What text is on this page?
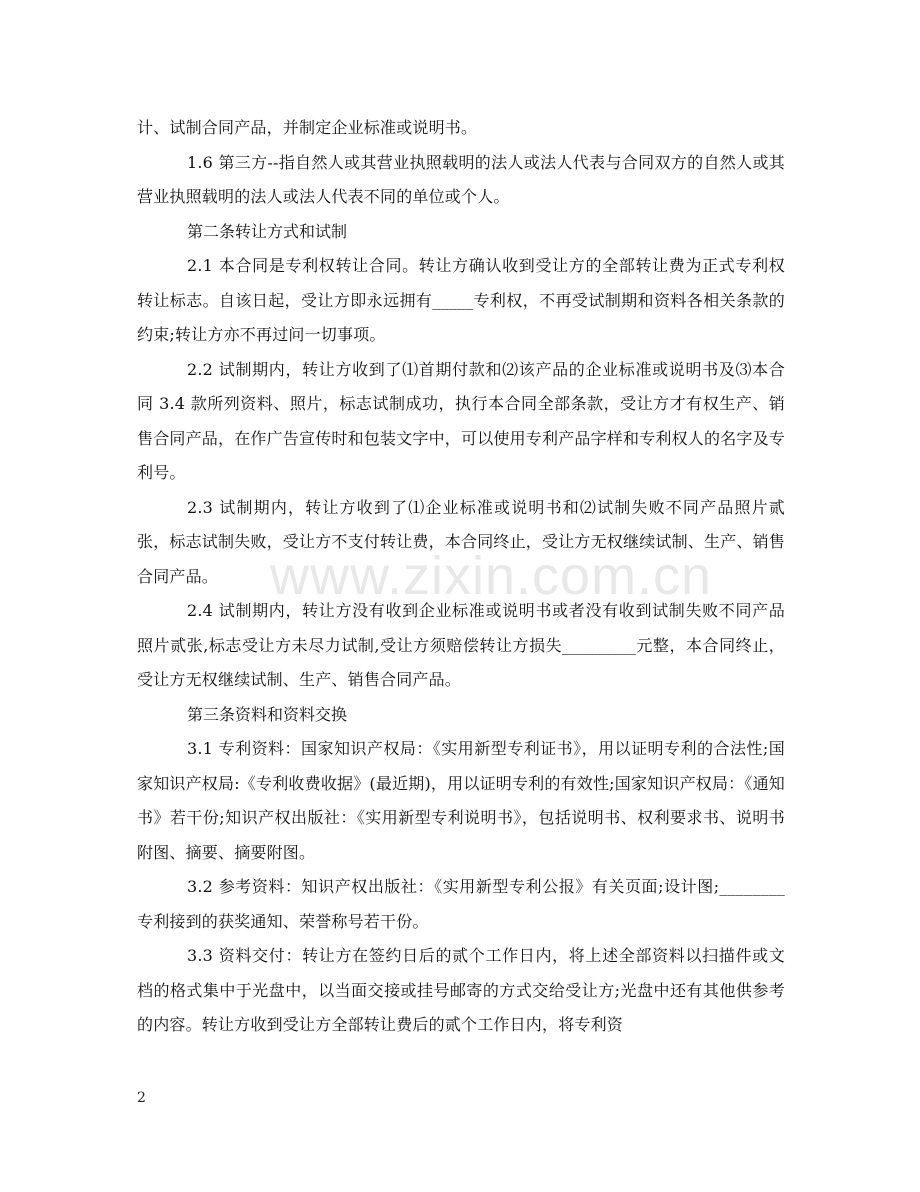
www.zixin.com.cn

计、试制合同产品，并制定企业标准或说明书。

1.6 第三方--指自然人或其营业执照载明的法人或法人代表与合同双方的自然人或其营业执照载明的法人或法人代表不同的单位或个人。

第二条转让方式和试制

2.1 本合同是专利权转让合同。转让方确认收到受让方的全部转让费为正式专利权转让标志。自该日起，受让方即永远拥有_____专利权，不再受试制期和资料各相关条款的约束;转让方亦不再过问一切事项。

2.2 试制期内，转让方收到了⑴首期付款和⑵该产品的企业标准或说明书及⑶本合同 3.4 款所列资料、照片，标志试制成功，执行本合同全部条款，受让方才有权生产、销售合同产品，在作广告宣传时和包装文字中，可以使用专利产品字样和专利权人的名字及专利号。

2.3 试制期内，转让方收到了⑴企业标准或说明书和⑵试制失败不同产品照片贰张，标志试制失败，受让方不支付转让费，本合同终止，受让方无权继续试制、生产、销售合同产品。

2.4 试制期内，转让方没有收到企业标准或说明书或者没有收到试制失败不同产品照片贰张,标志受让方未尽力试制,受让方须赔偿转让方损失_________元整，本合同终止，受让方无权继续试制、生产、销售合同产品。

第三条资料和资料交换

3.1 专利资料：国家知识产权局：《实用新型专利证书》，用以证明专利的合法性;国家知识产权局:《专利收费收据》(最近期)，用以证明专利的有效性;国家知识产权局：《通知书》若干份;知识产权出版社：《实用新型专利说明书》，包括说明书、权利要求书、说明书附图、摘要、摘要附图。

3.2 参考资料：知识产权出版社：《实用新型专利公报》有关页面;设计图;________专利接到的获奖通知、荣誉称号若干份。

3.3 资料交付：转让方在签约日后的贰个工作日内，将上述全部资料以扫描件或文档的格式集中于光盘中，以当面交接或挂号邮寄的方式交给受让方;光盘中还有其他供参考的内容。转让方收到受让方全部转让费后的贰个工作日内，将专利资

2
